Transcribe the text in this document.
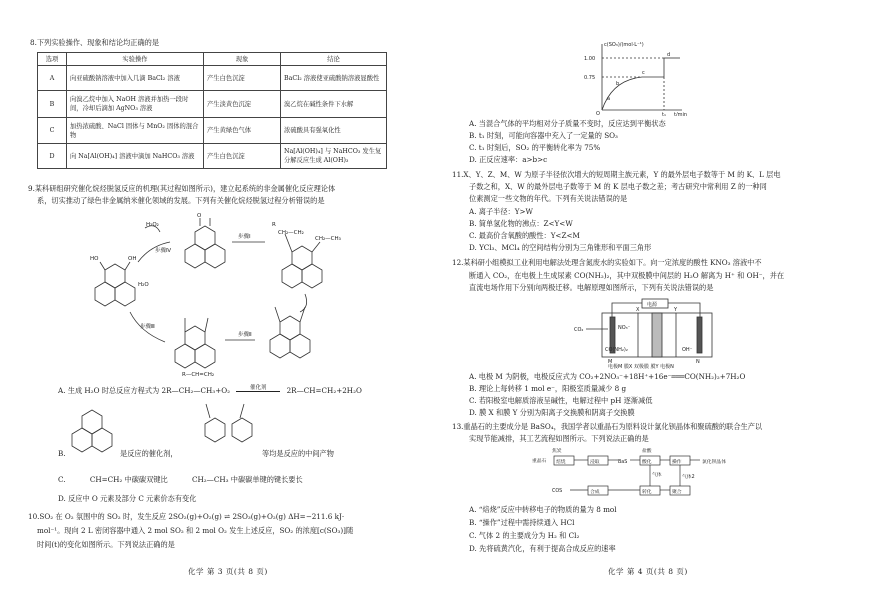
8.下列实验操作、现象和结论均正确的是
选项	实验操作	现象	结论
A	向亚硫酸钠溶液中加入几滴 BaCl₂ 溶液	产生白色沉淀	BaCl₂ 溶液使亚硫酸钠溶液显酸性
B	向溴乙烷中加入 NaOH 溶液并加热一段时间，冷却后滴加 AgNO₃ 溶液	产生淡黄色沉淀	溴乙烷在碱性条件下水解
C	加热浓硫酸、NaCl 固体与 MnO₂ 固体的混合物	产生黄绿色气体	浓硫酸具有强氧化性
D	向 Na[Al(OH)₄] 溶液中滴加 NaHCO₃ 溶液	产生白色沉淀	Na[Al(OH)₄] 与 NaHCO₃ 发生复分解反应生成 Al(OH)₃
9.某科研组研究催化烷烃脱氢反应的机理(其过程如图所示)，建立起系统的非金属催化反应理论体
系，切实推动了绿色非金属纳米催化领域的发展。下列有关催化烷烃脱氢过程分析错误的是
H₂O₂
步骤Ⅳ
步骤Ⅰ
步骤Ⅱ
步骤Ⅲ
H₂O
R
CH₂—CH₂
CH₂—CH₃
R—CH=CH₂
OH
HO
O
A. 生成 H₂O 时总反应方程式为 2R—CH₂—CH₃+O₂	催化剂	2R—CH=CH₂+2H₂O
B.	是反应的催化剂，	等均是反应的中间产物
C.	CH=CH₂ 中碳碳双键比	CH₂—CH₃ 中碳碳单键的键长要长
D. 反应中 O 元素及部分 C 元素价态有变化
10.SO₂ 在 O₂ 氛围中的 SO₂ 时，发生反应 2SO₂(g)+O₂(g) ⇌ 2SO₃(g)+O₂(g) ΔH=−211.6 kJ·
mol⁻¹。现向 2 L 密闭容器中通入 2 mol SO₂ 和 2 mol O₂ 发生上述反应，SO₂ 的浓度[c(SO₃)]随
时间(t)的变化如图所示。下列说法正确的是
化学 第 3 页(共 8 页)
c(SO₃)/(mol·L⁻¹)
1.00
0.75
O	t₁ t/min
a
b
c
d
A. 当混合气体的平均相对分子质量不变时，反应达到平衡状态
B. t₁ 时刻，可能向容器中充入了一定量的 SO₃
C. t₁ 时刻后，SO₂ 的平衡转化率为 75%
D. 正反应速率：a>b>c
11.X、Y、Z、M、W 为原子半径依次增大的短周期主族元素，Y 的最外层电子数等于 M 的 K、L 层电
子数之和，X、W 的最外层电子数等于 M 的 K 层电子数之差；考古研究中常利用 Z 的一种同
位素测定一些文物的年代。下列有关说法错误的是
A. 离子半径：Y>W
B. 简单氢化物的沸点：Z<Y<W
C. 最高价含氧酸的酸性：Y<Z<M
D. YCl₃、MCl₄ 的空间结构分别为三角锥形和平面三角形
12.某科研小组模拟工业利用电解法处理含氮废水的实验如下。向一定浓度的酸性 KNO₃ 溶液中不
断通入 CO₂，在电极上生成尿素 CO(NH₂)₂，其中双极膜中间层的 H₂O 解离为 H⁺ 和 OH⁻，并在
直流电场作用下分别向两极迁移。电解原理如图所示，下列有关说法错误的是
电源
CO₂	NO₃⁻
CO(NH₂)₂
X	Y
OH⁻
M	N
电极M 膜X 双极膜 膜Y 电极N
A. 电极 M 为阴极，电极反应式为 CO₂+2NO₃⁻+18H⁺+16e⁻═══CO(NH₂)₂+7H₂O
B. 理论上每转移 1 mol e⁻，阳极室质量减少 8 g
C. 若阳极室电解质溶液呈碱性，电解过程中 pH 逐渐减低
D. 膜 X 和膜 Y 分别为阳离子交换膜和阴离子交换膜
13.重晶石的主要成分是 BaSO₄，我国学者以重晶石为原料设计氯化钡晶体和聚硫酸的联合生产以
实现节能减排，其工艺流程如图所示。下列说法正确的是
焦炭
重晶石 焙烧	浸取	BaS	酸化	操作	氯化钡晶体
气体
盐酸
COS	合成	转化	聚合
气体2
A. “焙烧”反应中转移电子的物质的量为 8 mol
B. “操作”过程中需持续通入 HCl
C. 气体 2 的主要成分为 H₂ 和 Cl₂
D. 先将硫黄汽化，有利于提高合成反应的速率
化学 第 4 页(共 8 页)
